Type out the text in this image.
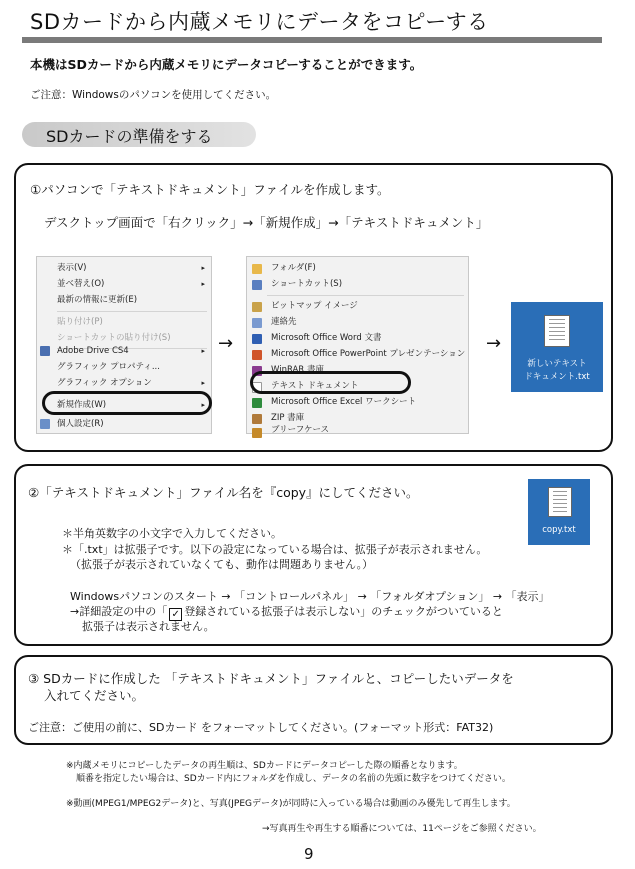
SDカードから内蔵メモリにデータをコピーする
本機はSDカードから内蔵メモリにデータコピーすることができます。
ご注意：Windowsのパソコンを使用してください。
SDカードの準備をする
①パソコンで「テキストドキュメント」ファイルを作成します。
デスクトップ画面で「右クリック」→「新規作成」→「テキストドキュメント」
表示(V)	▸
並べ替え(O)	▸
最新の情報に更新(E)
貼り付け(P)
ショートカットの貼り付け(S)
Adobe Drive CS4	▸
グラフィック プロパティ...
グラフィック オプション	▸
新規作成(W)	▸
個人設定(R)
→
フォルダ(F)
ショートカット(S)
ビットマップ イメージ
連絡先
Microsoft Office Word 文書
Microsoft Office PowerPoint プレゼンテーション
WinRAR 書庫
テキスト ドキュメント
Microsoft Office Excel ワークシート
ZIP 書庫
ブリーフケース
→
新しいテキスト
ドキュメント.txt
②「テキストドキュメント」ファイル名を『copy』にしてください。
copy.txt
＊半角英数字の小文字で入力してください。
＊「.txt」は拡張子です。以下の設定になっている場合は、拡張子が表示されません。
（拡張子が表示されていなくても、動作は問題ありません。）
Windowsパソコンのスタート → 「コントロールパネル」 → 「フォルダオプション」 → 「表示」
→詳細設定の中の「 ✓ 登録されている拡張子は表示しない」のチェックがついていると
拡張子は表示されません。
③ SDカードに作成した 「テキストドキュメント」ファイルと、コピーしたいデータを
入れてください。
ご注意：ご使用の前に、SDカード をフォーマットしてください。(フォーマット形式：FAT32)
※内蔵メモリにコピーしたデータの再生順は、SDカードにデータコピーした際の順番となります。
順番を指定したい場合は、SDカード内にフォルダを作成し、データの名前の先頭に数字をつけてください。
※動画(MPEG1/MPEG2データ)と、写真(JPEGデータ)が同時に入っている場合は動画のみ優先して再生します。
→写真再生や再生する順番については、11ページをご参照ください。
9
